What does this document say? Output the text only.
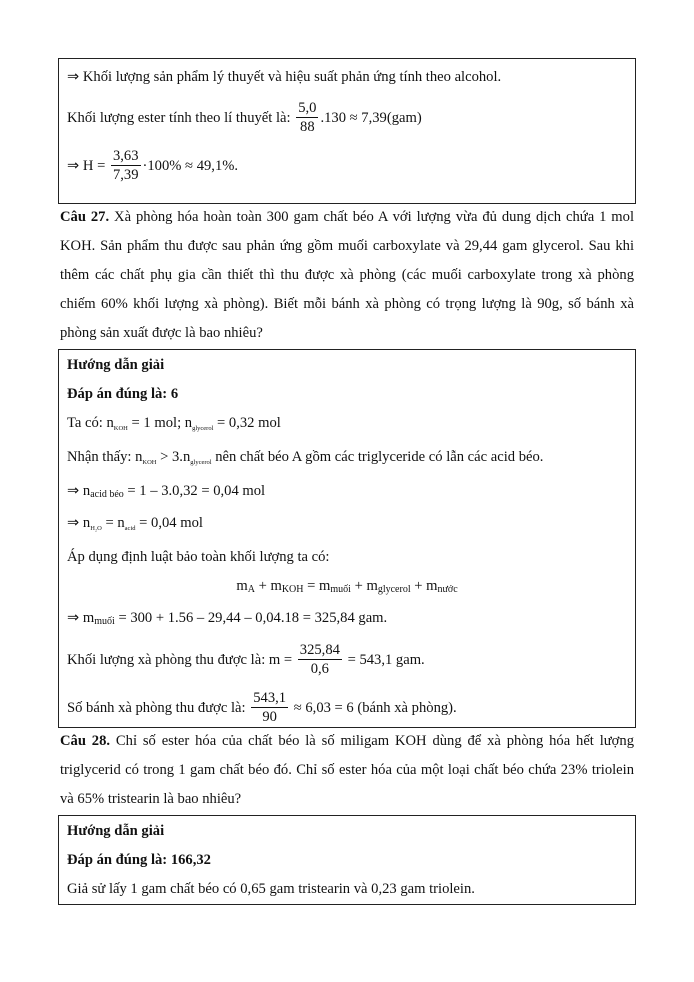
⇒ Khối lượng sản phẩm lý thuyết và hiệu suất phản ứng tính theo alcohol.
Khối lượng ester tính theo lí thuyết là: $\frac{5,0}{88} .130 \approx 7,39(gam)$
⇒ $H = \frac{3,63}{7,39} \cdot 100\% \approx 49,1\%$.

Câu 27. Xà phòng hóa hoàn toàn 300 gam chất béo A với lượng vừa đủ dung dịch chứa 1 mol KOH. Sản phẩm thu được sau phản ứng gồm muối carboxylate và 29,44 gam glycerol. Sau khi thêm các chất phụ gia cần thiết thì thu được xà phòng (các muối carboxylate trong xà phòng chiếm 60% khối lượng xà phòng). Biết mỗi bánh xà phòng có trọng lượng là 90g, số bánh xà phòng sản xuất được là bao nhiêu?

Hướng dẫn giải
Đáp án đúng là: 6
Ta có: $n_{KOH} = 1$ mol; $n_{glycerol} = 0,32$ mol
Nhận thấy: $n_{KOH} > 3.n_{glycerol}$ nên chất béo A gồm các triglyceride có lẫn các acid béo.
⇒ $n_{acid béo} = 1 - 3.0,32 = 0,04$ mol
⇒ $n_{H_2O} = n_{acid} = 0,04$ mol
Áp dụng định luật bảo toàn khối lượng ta có:
$m_A + m_{KOH} = m_{muối} + m_{glycerol} + m_{nước}$
⇒ $m_{muối} = 300 + 1.56 - 29,44 - 0,04.18 = 325,84$ gam.
Khối lượng xà phòng thu được là: $m = \frac{325,84}{0,6} = 543,1$ gam.
Số bánh xà phòng thu được là: $\frac{543,1}{90} \approx 6,03 = 6$ (bánh xà phòng).

Câu 28. Chỉ số ester hóa của chất béo là số miligam KOH dùng để xà phòng hóa hết lượng triglycerid có trong 1 gam chất béo đó. Chỉ số ester hóa của một loại chất béo chứa 23% triolein và 65% tristearin là bao nhiêu?

Hướng dẫn giải
Đáp án đúng là: 166,32
Giả sử lấy 1 gam chất béo có 0,65 gam tristearin và 0,23 gam triolein.
